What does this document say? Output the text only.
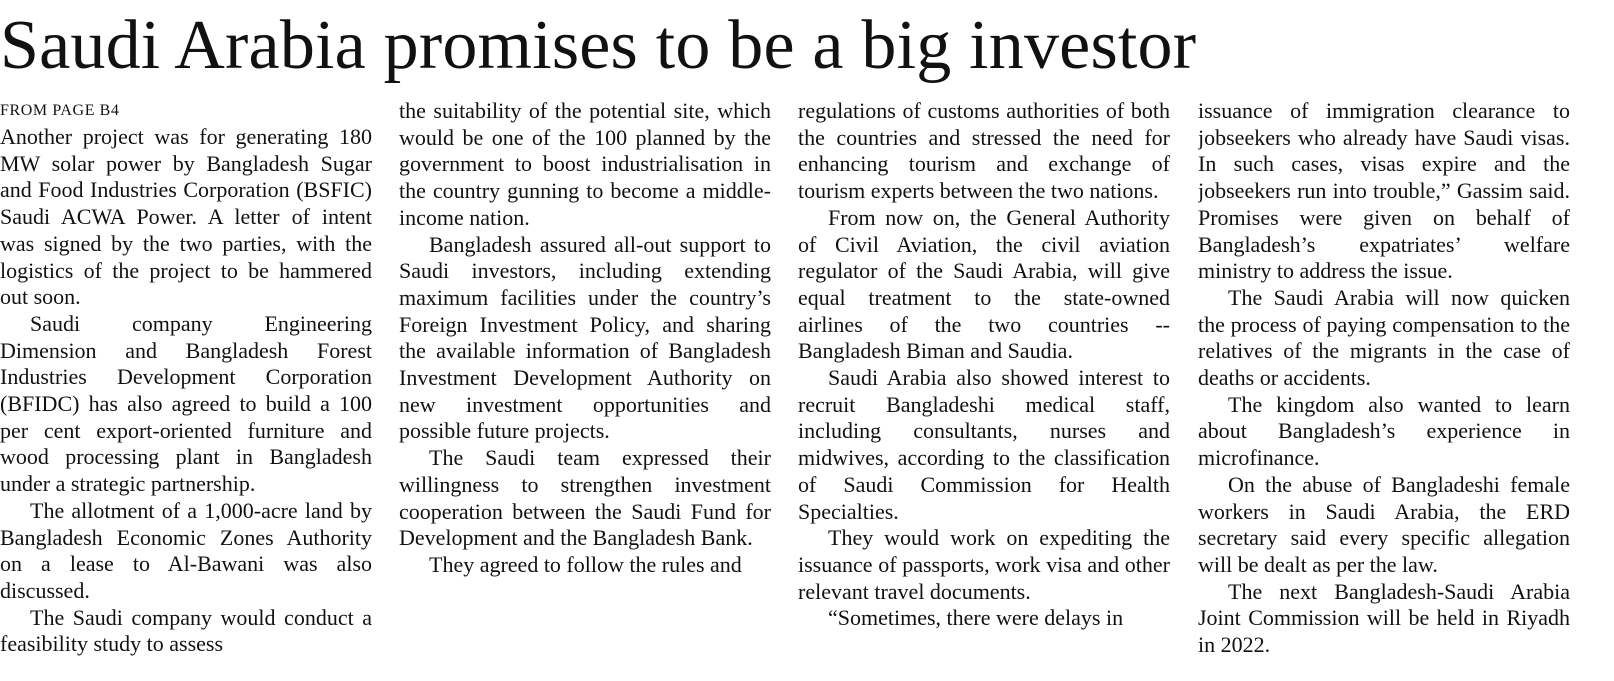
Saudi Arabia promises to be a big investor
FROM PAGE B4

Another project was for generating 180 MW solar power by Bangladesh Sugar and Food Industries Corporation (BSFIC) Saudi ACWA Power. A letter of intent was signed by the two parties, with the logistics of the project to be hammered out soon.

Saudi company Engineering Dimension and Bangladesh Forest Industries Development Corporation (BFIDC) has also agreed to build a 100 per cent export-oriented furniture and wood processing plant in Bangladesh under a strategic partnership.

The allotment of a 1,000-acre land by Bangladesh Economic Zones Authority on a lease to Al-Bawani was also discussed.

The Saudi company would conduct a feasibility study to assess

the suitability of the potential site, which would be one of the 100 planned by the government to boost industrialisation in the country gunning to become a middle-income nation.

Bangladesh assured all-out support to Saudi investors, including extending maximum facilities under the country’s Foreign Investment Policy, and sharing the available information of Bangladesh Investment Development Authority on new investment opportunities and possible future projects.

The Saudi team expressed their willingness to strengthen investment cooperation between the Saudi Fund for Development and the Bangladesh Bank.

They agreed to follow the rules and

regulations of customs authorities of both the countries and stressed the need for enhancing tourism and exchange of tourism experts between the two nations.

From now on, the General Authority of Civil Aviation, the civil aviation regulator of the Saudi Arabia, will give equal treatment to the state-owned airlines of the two countries -- Bangladesh Biman and Saudia.

Saudi Arabia also showed interest to recruit Bangladeshi medical staff, including consultants, nurses and midwives, according to the classification of Saudi Commission for Health Specialties.

They would work on expediting the issuance of passports, work visa and other relevant travel documents.

“Sometimes, there were delays in

issuance of immigration clearance to jobseekers who already have Saudi visas. In such cases, visas expire and the jobseekers run into trouble,” Gassim said. Promises were given on behalf of Bangladesh’s expatriates’ welfare ministry to address the issue.

The Saudi Arabia will now quicken the process of paying compensation to the relatives of the migrants in the case of deaths or accidents.

The kingdom also wanted to learn about Bangladesh’s experience in microfinance.

On the abuse of Bangladeshi female workers in Saudi Arabia, the ERD secretary said every specific allegation will be dealt as per the law.

The next Bangladesh-Saudi Arabia Joint Commission will be held in Riyadh in 2022.
